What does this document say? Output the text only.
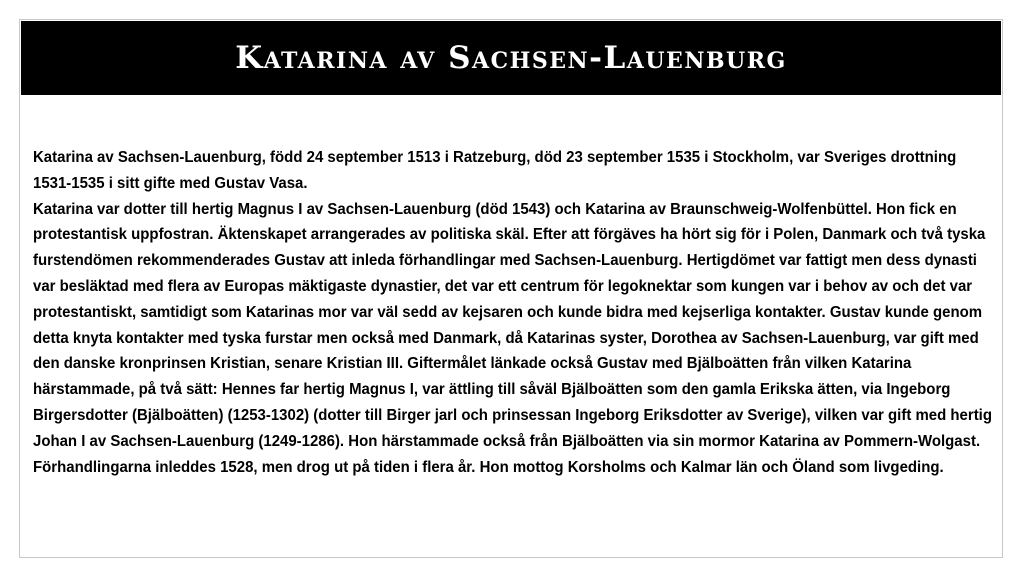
Katarina av Sachsen-Lauenburg

Katarina av Sachsen-Lauenburg, född 24 september 1513 i Ratzeburg, död 23 september 1535 i Stockholm, var Sveriges drottning 1531-1535 i sitt gifte med Gustav Vasa.

Katarina var dotter till hertig Magnus I av Sachsen-Lauenburg (död 1543) och Katarina av Braunschweig-Wolfenbüttel. Hon fick en protestantisk uppfostran. Äktenskapet arrangerades av politiska skäl. Efter att förgäves ha hört sig för i Polen, Danmark och två tyska furstendömen rekommenderades Gustav att inleda förhandlingar med Sachsen-Lauenburg. Hertigdömet var fattigt men dess dynasti var besläktad med flera av Europas mäktigaste dynastier, det var ett centrum för legoknektar som kungen var i behov av och det var protestantiskt, samtidigt som Katarinas mor var väl sedd av kejsaren och kunde bidra med kejserliga kontakter. Gustav kunde genom detta knyta kontakter med tyska furstar men också med Danmark, då Katarinas syster, Dorothea av Sachsen-Lauenburg, var gift med den danske kronprinsen Kristian, senare Kristian III. Giftermålet länkade också Gustav med Bjälboätten från vilken Katarina härstammade, på två sätt: Hennes far hertig Magnus I, var ättling till såväl Bjälboätten som den gamla Erikska ätten, via Ingeborg Birgersdotter (Bjälboätten) (1253-1302) (dotter till Birger jarl och prinsessan Ingeborg Eriksdotter av Sverige), vilken var gift med hertig Johan I av Sachsen-Lauenburg (1249-1286). Hon härstammade också från Bjälboätten via sin mormor Katarina av Pommern-Wolgast. Förhandlingarna inleddes 1528, men drog ut på tiden i flera år. Hon mottog Korsholms och Kalmar län och Öland som livgeding.
